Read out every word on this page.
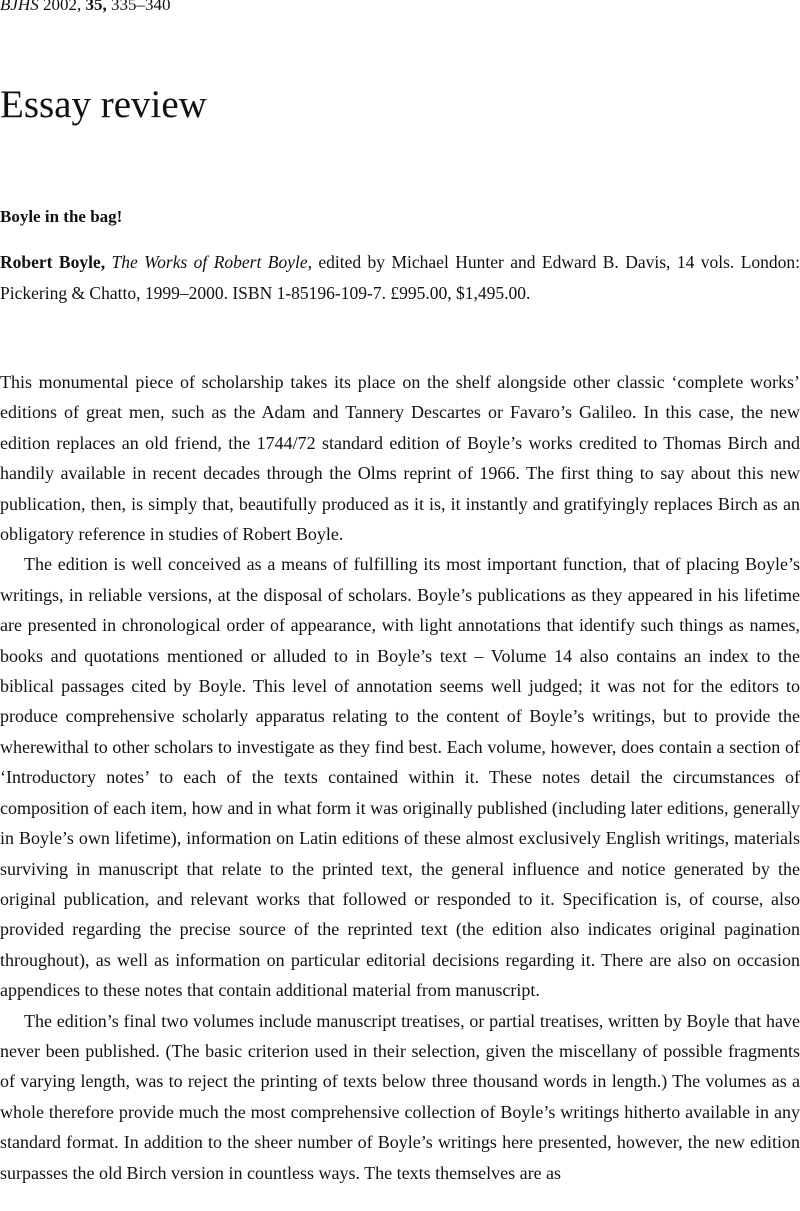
BJHS 2002, 35, 335–340
Essay review
Boyle in the bag!

Robert Boyle, The Works of Robert Boyle, edited by Michael Hunter and Edward B. Davis, 14 vols. London: Pickering & Chatto, 1999–2000. ISBN 1-85196-109-7. £995.00, $1,495.00.

This monumental piece of scholarship takes its place on the shelf alongside other classic ‘complete works’ editions of great men, such as the Adam and Tannery Descartes or Favaro’s Galileo. In this case, the new edition replaces an old friend, the 1744/72 standard edition of Boyle’s works credited to Thomas Birch and handily available in recent decades through the Olms reprint of 1966. The first thing to say about this new publication, then, is simply that, beautifully produced as it is, it instantly and gratifyingly replaces Birch as an obligatory reference in studies of Robert Boyle.

The edition is well conceived as a means of fulfilling its most important function, that of placing Boyle’s writings, in reliable versions, at the disposal of scholars. Boyle’s publications as they appeared in his lifetime are presented in chronological order of appearance, with light annotations that identify such things as names, books and quotations mentioned or alluded to in Boyle’s text – Volume 14 also contains an index to the biblical passages cited by Boyle. This level of annotation seems well judged; it was not for the editors to produce comprehensive scholarly apparatus relating to the content of Boyle’s writings, but to provide the wherewithal to other scholars to investigate as they find best. Each volume, however, does contain a section of ‘Introductory notes’ to each of the texts contained within it. These notes detail the circumstances of composition of each item, how and in what form it was originally published (including later editions, generally in Boyle’s own lifetime), information on Latin editions of these almost exclusively English writings, materials surviving in manuscript that relate to the printed text, the general influence and notice generated by the original publication, and relevant works that followed or responded to it. Specification is, of course, also provided regarding the precise source of the reprinted text (the edition also indicates original pagination throughout), as well as information on particular editorial decisions regarding it. There are also on occasion appendices to these notes that contain additional material from manuscript.

The edition’s final two volumes include manuscript treatises, or partial treatises, written by Boyle that have never been published. (The basic criterion used in their selection, given the miscellany of possible fragments of varying length, was to reject the printing of texts below three thousand words in length.) The volumes as a whole therefore provide much the most comprehensive collection of Boyle’s writings hitherto available in any standard format. In addition to the sheer number of Boyle’s writings here presented, however, the new edition surpasses the old Birch version in countless ways. The texts themselves are as
